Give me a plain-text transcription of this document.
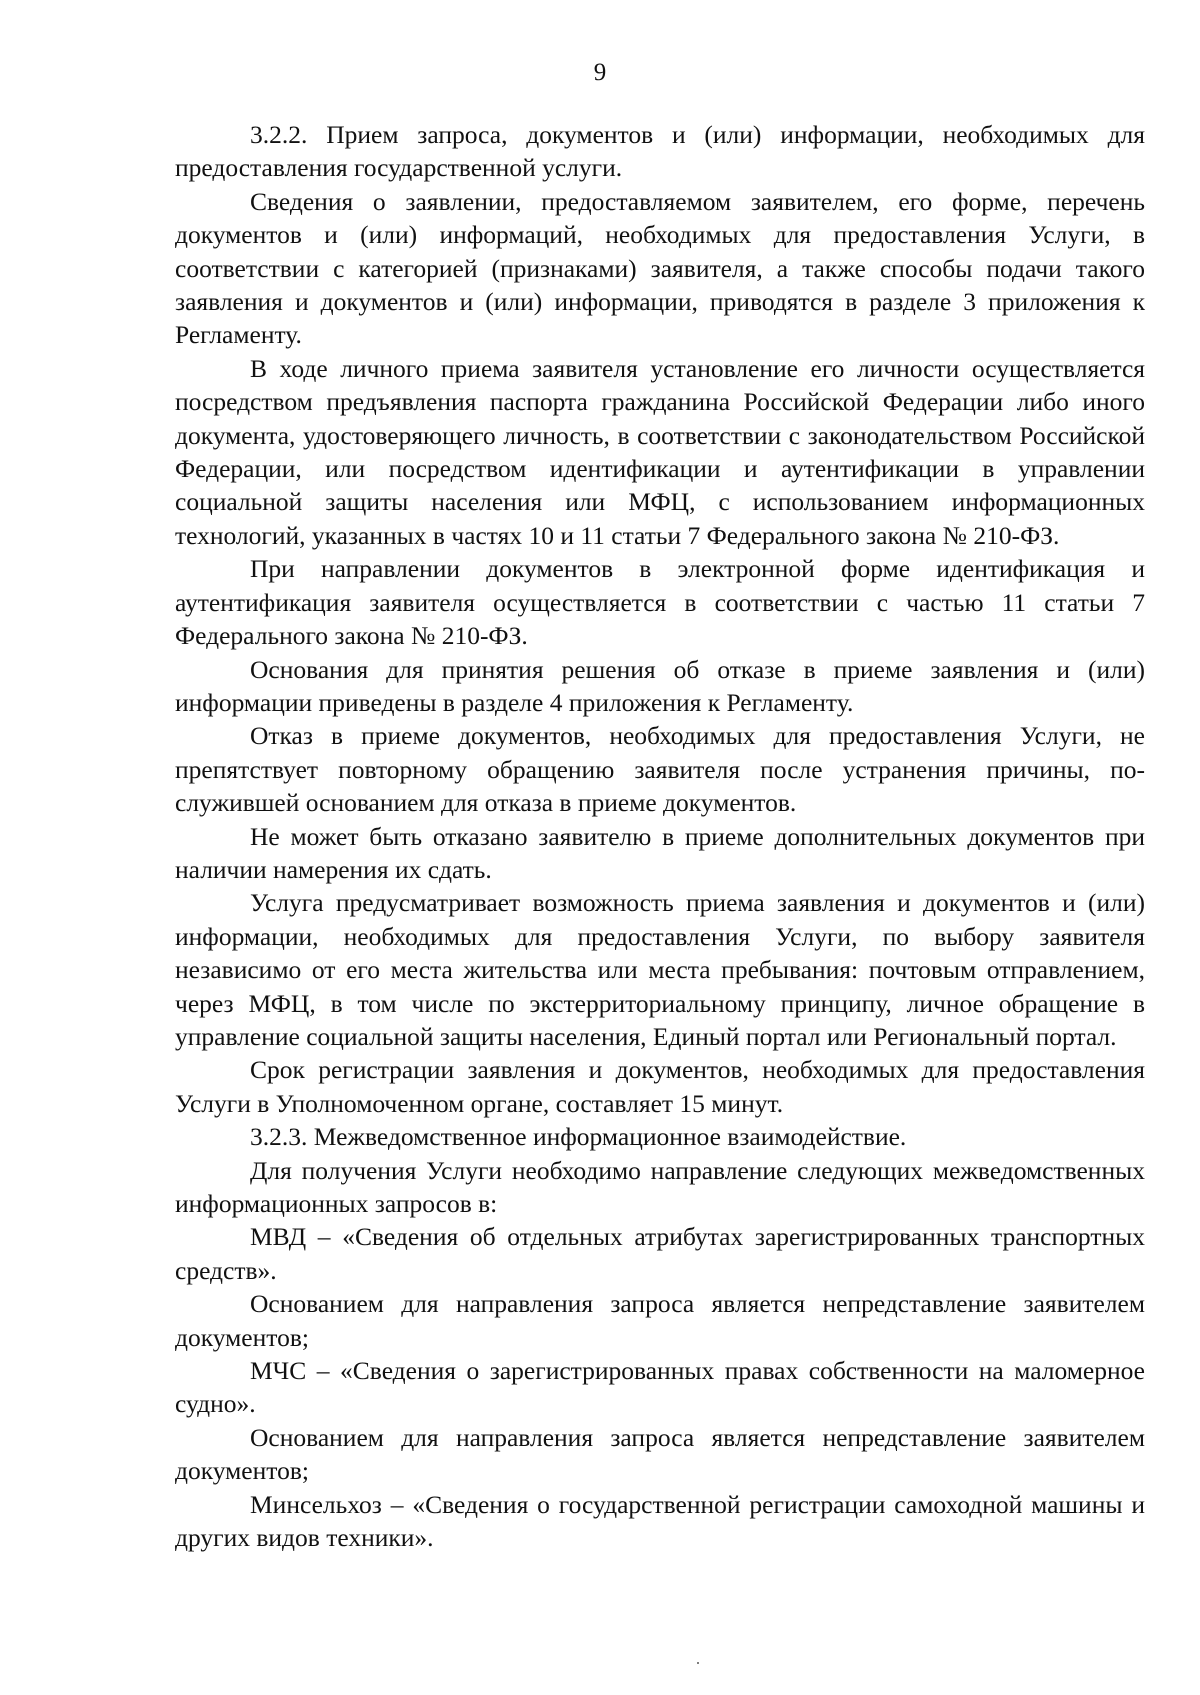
9

3.2.2. Прием запроса, документов и (или) информации, необходимых для предоставления государственной услуги.

Сведения о заявлении, предоставляемом заявителем, его форме, перечень документов и (или) информаций, необходимых для предоставления Услуги, в соответствии с категорией (признаками) заявителя, а также способы подачи такого заявления и документов и (или) информации, приводятся в разделе 3 приложения к Регламенту.

В ходе личного приема заявителя установление его личности осуществляется посредством предъявления паспорта гражданина Российской Федерации либо иного документа, удостоверяющего личность, в соответствии с законодательством Российской Федерации, или посредством идентификации и аутентификации в управлении социальной защиты населения или МФЦ, с использованием информационных технологий, указанных в частях 10 и 11 статьи 7 Федерального закона № 210-ФЗ.

При направлении документов в электронной форме идентификация и аутентификация заявителя осуществляется в соответствии с частью 11 статьи 7 Федерального закона № 210-ФЗ.

Основания для принятия решения об отказе в приеме заявления и (или) информации приведены в разделе 4 приложения к Регламенту.

Отказ в приеме документов, необходимых для предоставления Услуги, не препятствует повторному обращению заявителя после устранения причины, послужившей основанием для отказа в приеме документов.

Не может быть отказано заявителю в приеме дополнительных документов при наличии намерения их сдать.

Услуга предусматривает возможность приема заявления и документов и (или) информации, необходимых для предоставления Услуги, по выбору заявителя независимо от его места жительства или места пребывания: почтовым отправлением, через МФЦ, в том числе по экстерриториальному принципу, личное обращение в управление социальной защиты населения, Единый портал или Региональный портал.

Срок регистрации заявления и документов, необходимых для предоставления Услуги в Уполномоченном органе, составляет 15 минут.

3.2.3. Межведомственное информационное взаимодействие.

Для получения Услуги необходимо направление следующих межведомственных информационных запросов в:

МВД – «Сведения об отдельных атрибутах зарегистрированных транспортных средств».

Основанием для направления запроса является непредставление заявителем документов;

МЧС – «Сведения о зарегистрированных правах собственности на маломерное судно».

Основанием для направления запроса является непредставление заявителем документов;

Минсельхоз – «Сведения о государственной регистрации самоходной машины и других видов техники».
